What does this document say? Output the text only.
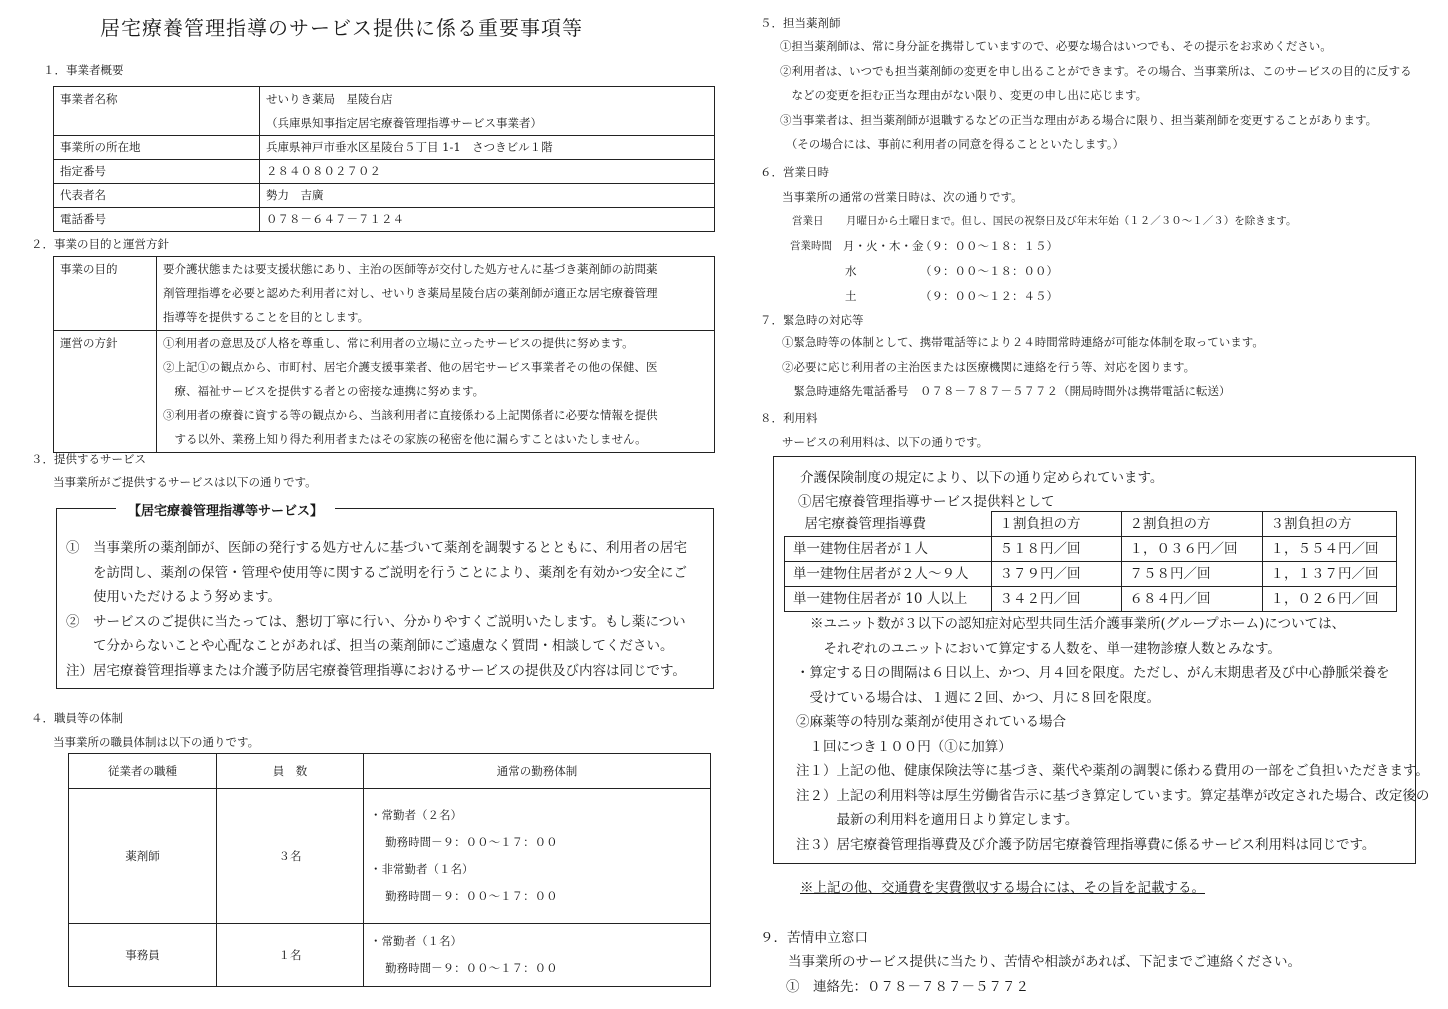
居宅療養管理指導のサービス提供に係る重要事項等
１．事業者概要
事業者名称	せいりき薬局　星陵台店
（兵庫県知事指定居宅療養管理指導サービス事業者）

事業所の所在地	兵庫県神戸市垂水区星陵台５丁目 1-1　さつきビル１階
指定番号	２８４０８０２７０２
代表者名	勢力　吉廣
電話番号	０７８－６４７－７１２４
２．事業の目的と運営方針
事業の目的	要介護状態または要支援状態にあり、主治の医師等が交付した処方せんに基づき薬剤師の訪問薬
剤管理指導を必要と認めた利用者に対し、せいりき薬局星陵台店の薬剤師が適正な居宅療養管理
指導等を提供することを目的とします。

運営の方針	①利用者の意思及び人格を尊重し、常に利用者の立場に立ったサービスの提供に努めます。
②上記①の観点から、市町村、居宅介護支援事業者、他の居宅サービス事業者その他の保健、医
　療、福祉サービスを提供する者との密接な連携に努めます。
③利用者の療養に資する等の観点から、当該利用者に直接係わる上記関係者に必要な情報を提供
　する以外、業務上知り得た利用者またはその家族の秘密を他に漏らすことはいたしません。
３．提供するサービス
当事業所がご提供するサービスは以下の通りです。
【居宅療養管理指導等サービス】
①　当事業所の薬剤師が、医師の発行する処方せんに基づいて薬剤を調製するとともに、利用者の居宅
　　を訪問し、薬剤の保管・管理や使用等に関するご説明を行うことにより、薬剤を有効かつ安全にご
　　使用いただけるよう努めます。
②　サービスのご提供に当たっては、懇切丁寧に行い、分かりやすくご説明いたします。もし薬につい
　　て分からないことや心配なことがあれば、担当の薬剤師にご遠慮なく質問・相談してください。
注）居宅療養管理指導または介護予防居宅療養管理指導におけるサービスの提供及び内容は同じです。
４．職員等の体制
当事業所の職員体制は以下の通りです。
従業者の職種	員　数	通常の勤務体制
薬剤師	３名	・常勤者（２名）
　 勤務時間－９：００～１７：００
・非常勤者（１名）
　 勤務時間－９：００～１７：００

事務員	１名	・常勤者（１名）
　 勤務時間－９：００～１７：００
５．担当薬剤師
①担当薬剤師は、常に身分証を携帯していますので、必要な場合はいつでも、その提示をお求めください。
②利用者は、いつでも担当薬剤師の変更を申し出ることができます。その場合、当事業所は、このサービスの目的に反する
　などの変更を拒む正当な理由がない限り、変更の申し出に応じます。
③当事業者は、担当薬剤師が退職するなどの正当な理由がある場合に限り、担当薬剤師を変更することがあります。
　（その場合には、事前に利用者の同意を得ることといたします。）
６．営業日時
当事業所の通常の営業日時は、次の通りです。
営業日 月曜日から土曜日まで。但し、国民の祝祭日及び年末年始（１２／３０～１／３）を除きます。
営業時間 月・火・木・金
（９：００～１８：１５）
水	（９：００～１８：００）
土	（９：００～１２：４５）
７．緊急時の対応等
①緊急時等の体制として、携帯電話等により２４時間常時連絡が可能な体制を取っています。
②必要に応じ利用者の主治医または医療機関に連絡を行う等、対応を図ります。
　緊急時連絡先電話番号　０７８－７８７－５７７２（開局時間外は携帯電話に転送）
８．利用料
サービスの利用料は、以下の通りです。
介護保険制度の規定により、以下の通り定められています。
①居宅療養管理指導サービス提供料として
居宅療養管理指導費	１割負担の方	２割負担の方	３割負担の方
単一建物住居者が１人	５１８円／回	１，０３６円／回	１，５５４円／回
単一建物住居者が２人～９人	３７９円／回	７５８円／回	１，１３７円／回
単一建物住居者が 10 人以上	３４２円／回	６８４円／回	１，０２６円／回
※ユニット数が３以下の認知症対応型共同生活介護事業所(グループホーム)については、
　それぞれのユニットにおいて算定する人数を、単一建物診療人数とみなす。
・算定する日の間隔は６日以上、かつ、月４回を限度。ただし、がん末期患者及び中心静脈栄養を
　受けている場合は、１週に２回、かつ、月に８回を限度。
②麻薬等の特別な薬剤が使用されている場合
　１回につき１００円（①に加算）
注１）上記の他、健康保険法等に基づき、薬代や薬剤の調製に係わる費用の一部をご負担いただきます。
注２）上記の利用料等は厚生労働省告示に基づき算定しています。算定基準が改定された場合、改定後の
　　　最新の利用料を適用日より算定します。
注３）居宅療養管理指導費及び介護予防居宅療養管理指導費に係るサービス利用料は同じです。
※上記の他、交通費を実費徴収する場合には、その旨を記載する。
９．苦情申立窓口
当事業所のサービス提供に当たり、苦情や相談があれば、下記までご連絡ください。
①　連絡先：０７８－７８７－５７７２
